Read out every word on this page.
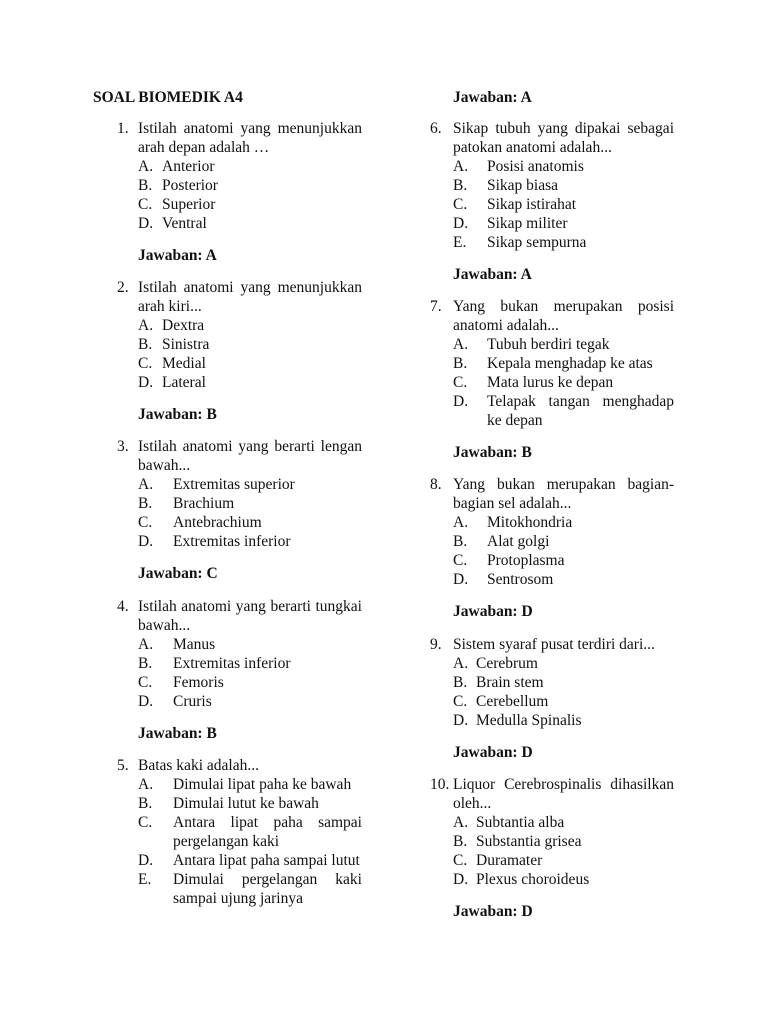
SOAL BIOMEDIK A4
1. Istilah anatomi yang menunjukkan
arah depan adalah …
A. Anterior
B. Posterior
C. Superior
D. Ventral
Jawaban: A
2. Istilah anatomi yang menunjukkan
arah kiri...
A. Dextra
B. Sinistra
C. Medial
D. Lateral
Jawaban: B
3. Istilah anatomi yang berarti lengan
bawah...
A. Extremitas superior
B. Brachium
C. Antebrachium
D. Extremitas inferior
Jawaban: C
4. Istilah anatomi yang berarti tungkai
bawah...
A. Manus
B. Extremitas inferior
C. Femoris
D. Cruris
Jawaban: B
5. Batas kaki adalah...
A. Dimulai lipat paha ke bawah
B. Dimulai lutut ke bawah
C. Antara lipat paha sampai
pergelangan kaki
D. Antara lipat paha sampai lutut
E. Dimulai pergelangan kaki
sampai ujung jarinya
Jawaban: A
6. Sikap tubuh yang dipakai sebagai
patokan anatomi adalah...
A. Posisi anatomis
B. Sikap biasa
C. Sikap istirahat
D. Sikap militer
E. Sikap sempurna
Jawaban: A
7. Yang bukan merupakan posisi
anatomi adalah...
A. Tubuh berdiri tegak
B. Kepala menghadap ke atas
C. Mata lurus ke depan
D. Telapak tangan menghadap
ke depan
Jawaban: B
8. Yang bukan merupakan bagian-
bagian sel adalah...
A. Mitokhondria
B. Alat golgi
C. Protoplasma
D. Sentrosom
Jawaban: D
9. Sistem syaraf pusat terdiri dari...
A. Cerebrum
B. Brain stem
C. Cerebellum
D. Medulla Spinalis
Jawaban: D
10. Liquor Cerebrospinalis dihasilkan
oleh...
A. Subtantia alba
B. Substantia grisea
C. Duramater
D. Plexus choroideus
Jawaban: D
